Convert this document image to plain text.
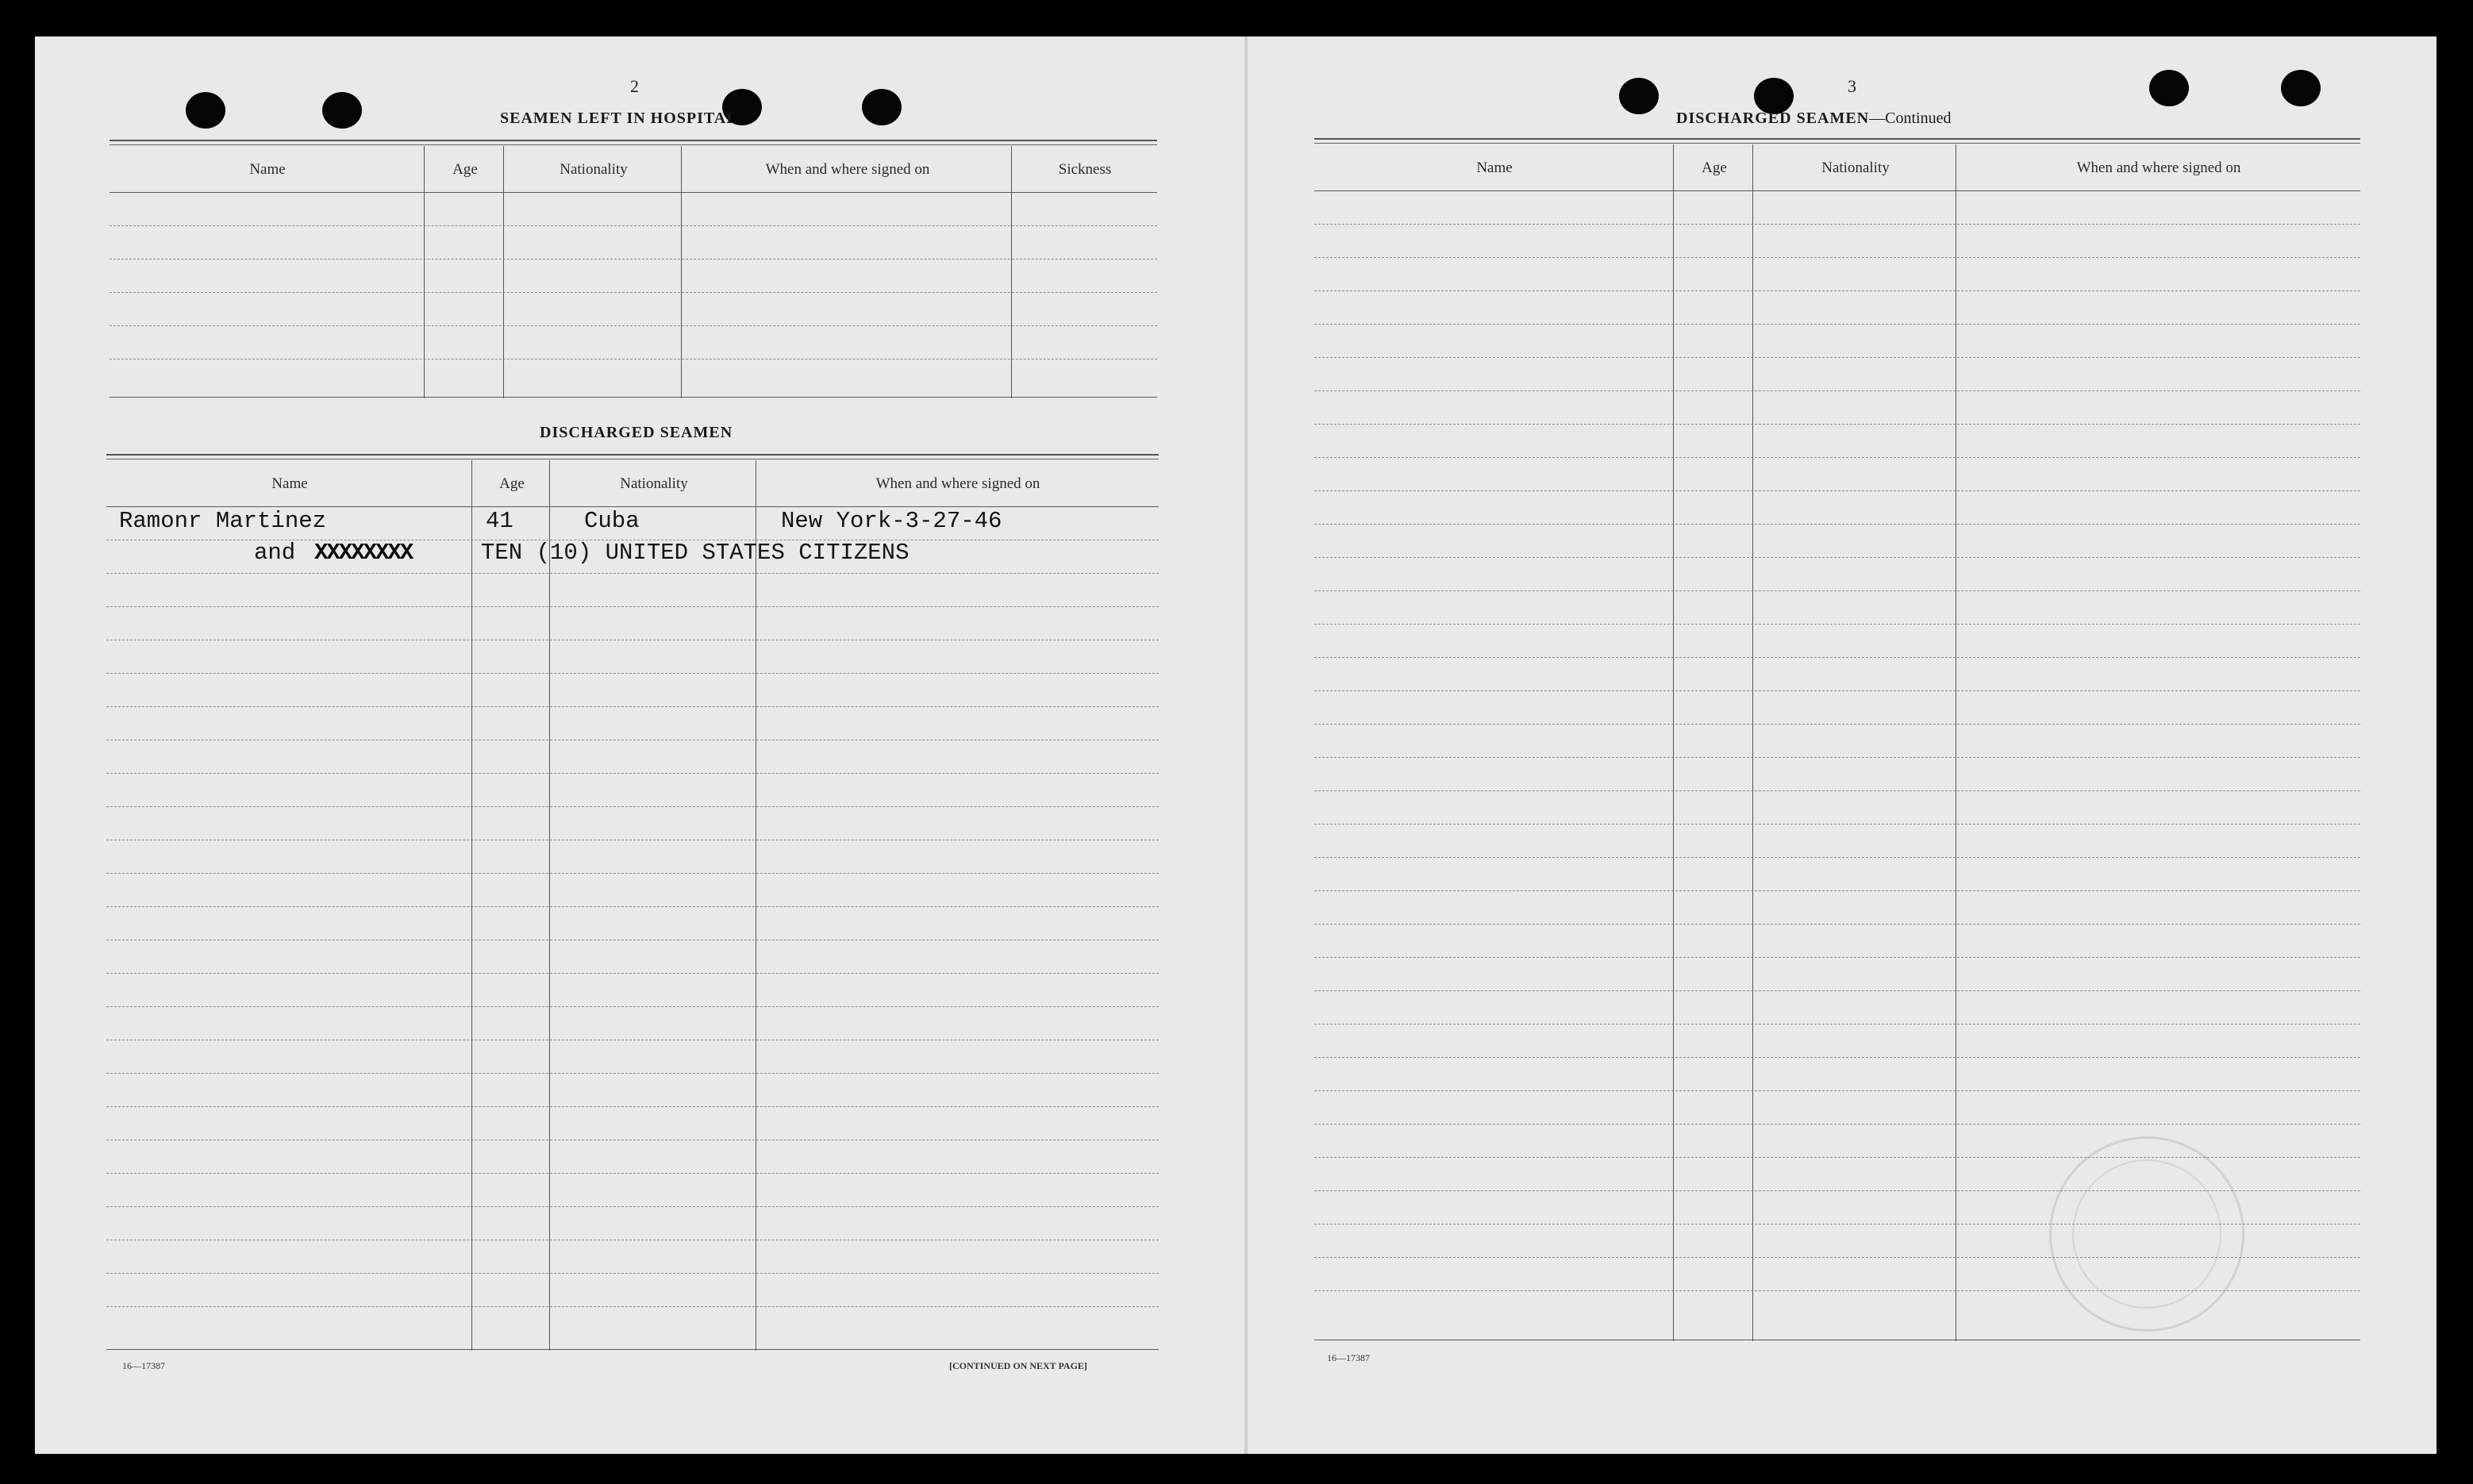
2
SEAMEN LEFT IN HOSPITAL
Name	Age	Nationality	When and where signed on	Sickness
DISCHARGED SEAMEN
Name	Age	Nationality	When and where signed on
Ramonr Martinez	41	Cuba	New York-3-27-46
and XXXXXXXX	TEN (10) UNITED STATES CITIZENS
16—17387	[CONTINUED ON NEXT PAGE]
3
DISCHARGED SEAMEN—Continued
Name	Age	Nationality	When and where signed on
16—17387
